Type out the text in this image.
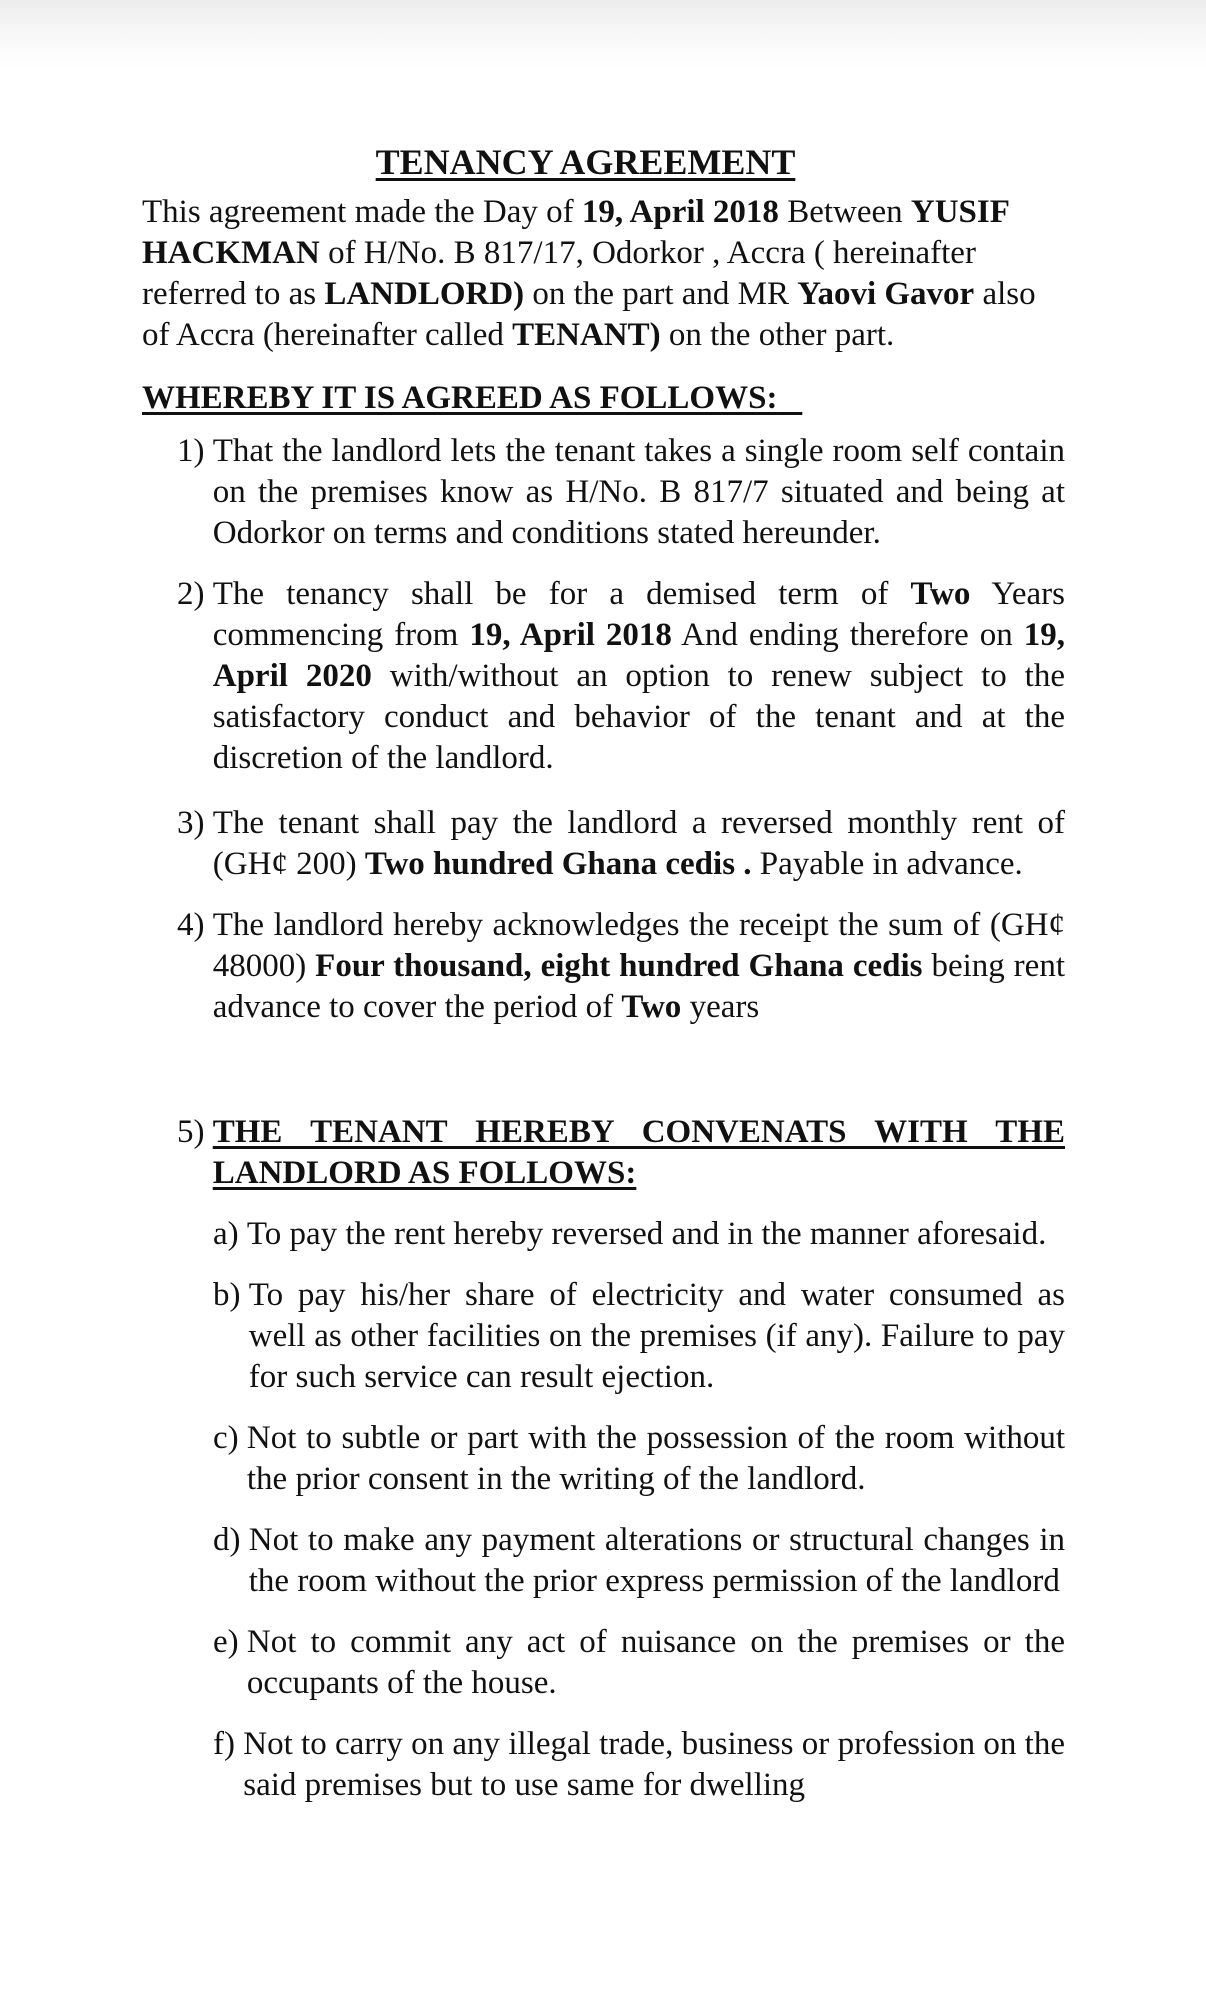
TENANCY AGREEMENT

This agreement made the Day of 19, April 2018 Between YUSIF HACKMAN of H/No. B 817/17, Odorkor , Accra ( hereinafter referred to as LANDLORD) on the part and MR Yaovi Gavor also of Accra (hereinafter called TENANT) on the other part.

WHEREBY IT IS AGREED AS FOLLOWS:
1) That the landlord lets the tenant takes a single room self contain on the premises know as H/No. B 817/7 situated and being at Odorkor on terms and conditions stated hereunder.
2) The tenancy shall be for a demised term of Two Years commencing from 19, April 2018 And ending therefore on 19, April 2020 with/without an option to renew subject to the satisfactory conduct and behavior of the tenant and at the discretion of the landlord.
3) The tenant shall pay the landlord a reversed monthly rent of (GH¢ 200) Two hundred Ghana cedis . Payable in advance.
4) The landlord hereby acknowledges the receipt the sum of (GH¢ 48000) Four thousand, eight hundred Ghana cedis being rent advance to cover the period of Two years
5) THE TENANT HEREBY CONVENATS WITH THE LANDLORD AS FOLLOWS:
a) To pay the rent hereby reversed and in the manner aforesaid.
b) To pay his/her share of electricity and water consumed as well as other facilities on the premises (if any). Failure to pay for such service can result ejection.
c) Not to subtle or part with the possession of the room without the prior consent in the writing of the landlord.
d) Not to make any payment alterations or structural changes in the room without the prior express permission of the landlord
e) Not to commit any act of nuisance on the premises or the occupants of the house.
f) Not to carry on any illegal trade, business or profession on the said premises but to use same for dwelling
